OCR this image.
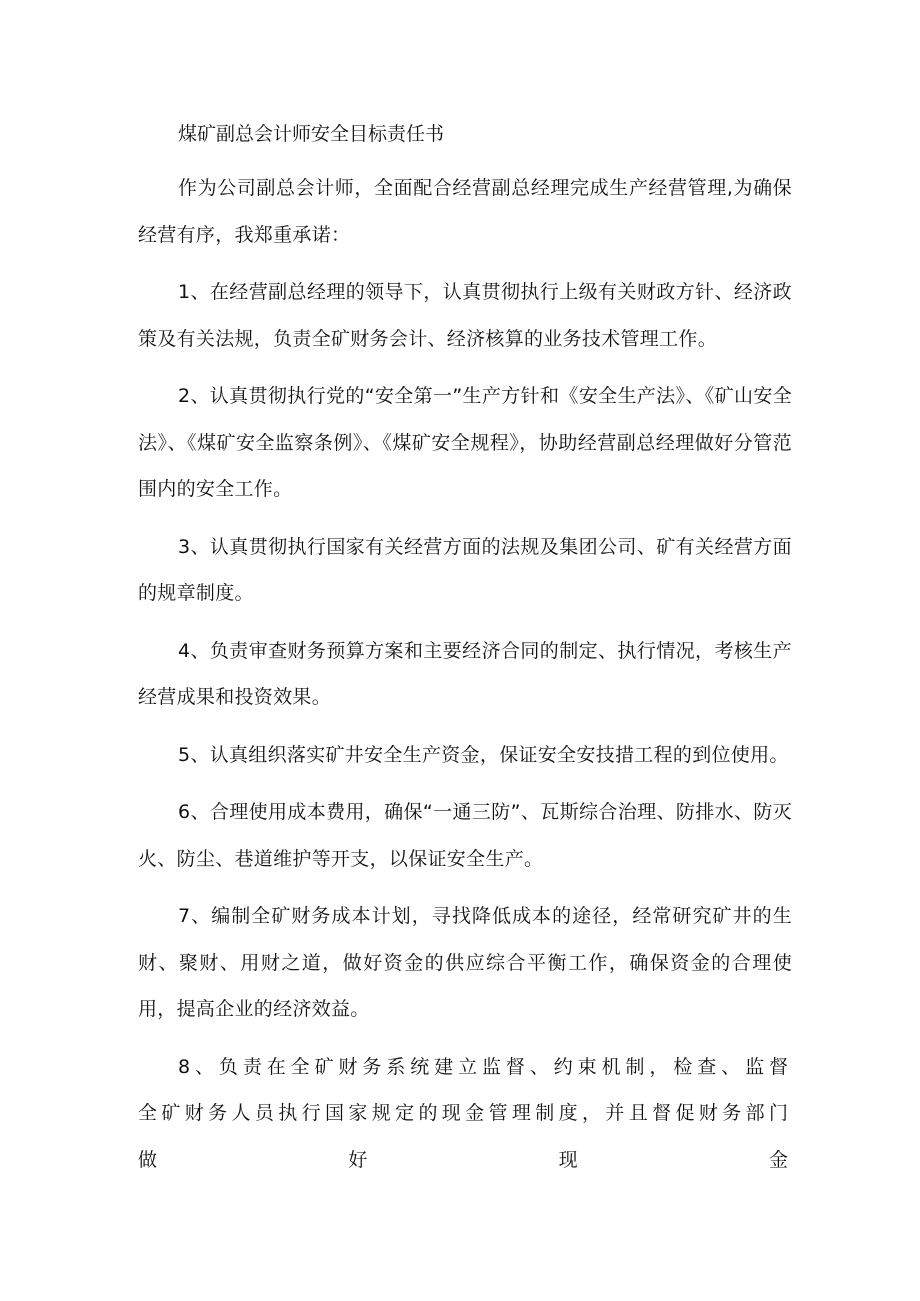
煤矿副总会计师安全目标责任书

作为公司副总会计师，全面配合经营副总经理完成生产经营管理,为确保经营有序，我郑重承诺：

1、在经营副总经理的领导下，认真贯彻执行上级有关财政方针、经济政策及有关法规，负责全矿财务会计、经济核算的业务技术管理工作。

2、认真贯彻执行党的“安全第一”生产方针和《安全生产法》、《矿山安全法》、《煤矿安全监察条例》、《煤矿安全规程》，协助经营副总经理做好分管范围内的安全工作。

3、认真贯彻执行国家有关经营方面的法规及集团公司、矿有关经营方面的规章制度。

4、负责审查财务预算方案和主要经济合同的制定、执行情况，考核生产经营成果和投资效果。

5、认真组织落实矿井安全生产资金，保证安全安技措工程的到位使用。

6、合理使用成本费用，确保“一通三防”、瓦斯综合治理、防排水、防灭火、防尘、巷道维护等开支，以保证安全生产。

7、编制全矿财务成本计划，寻找降低成本的途径，经常研究矿井的生财、聚财、用财之道，做好资金的供应综合平衡工作，确保资金的合理使用，提高企业的经济效益。

8、负责在全矿财务系统建立监督、约束机制，检查、监督全矿财务人员执行国家规定的现金管理制度，并且督促财务部门做好现金
